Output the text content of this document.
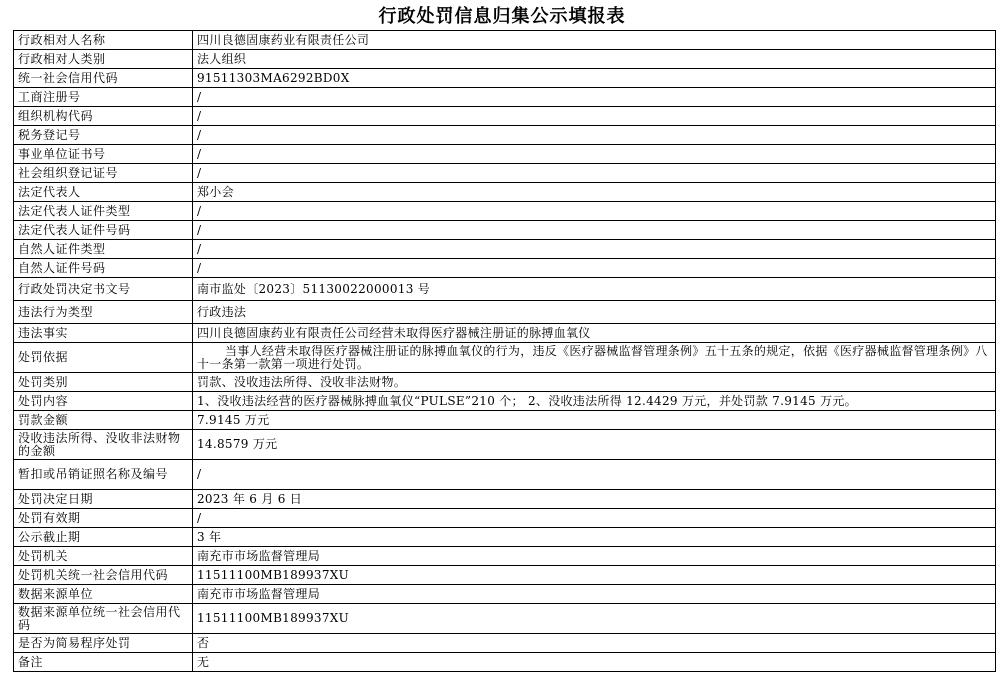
行政处罚信息归集公示填报表
行政相对人名称	四川良德固康药业有限责任公司
行政相对人类别	法人组织
统一社会信用代码	91511303MA6292BD0X
工商注册号	/
组织机构代码	/
税务登记号	/
事业单位证书号	/
社会组织登记证号	/
法定代表人	郑小会
法定代表人证件类型	/
法定代表人证件号码	/
自然人证件类型	/
自然人证件号码	/
行政处罚决定书文号	南市监处〔2023〕51130022000013 号
违法行为类型	行政违法
违法事实	四川良德固康药业有限责任公司经营未取得医疗器械注册证的脉搏血氧仪
处罚依据	当事人经营未取得医疗器械注册证的脉搏血氧仪的行为，违反《医疗器械监督管理条例》五十五条的规定，依据《医疗器械监督管理条例》八十一条第一款第一项进行处罚。
处罚类别	罚款、没收违法所得、没收非法财物。
处罚内容	1、没收违法经营的医疗器械脉搏血氧仪“PULSE”210 个； 2、没收违法所得 12.4429 万元，并处罚款 7.9145 万元。
罚款金额	7.9145 万元
没收违法所得、没收非法财物的金额	14.8579 万元
暂扣或吊销证照名称及编号	/
处罚决定日期	2023 年 6 月 6 日
处罚有效期	/
公示截止期	3 年
处罚机关	南充市市场监督管理局
处罚机关统一社会信用代码	11511100MB189937XU
数据来源单位	南充市市场监督管理局
数据来源单位统一社会信用代码	11511100MB189937XU
是否为简易程序处罚	否
备注	无
